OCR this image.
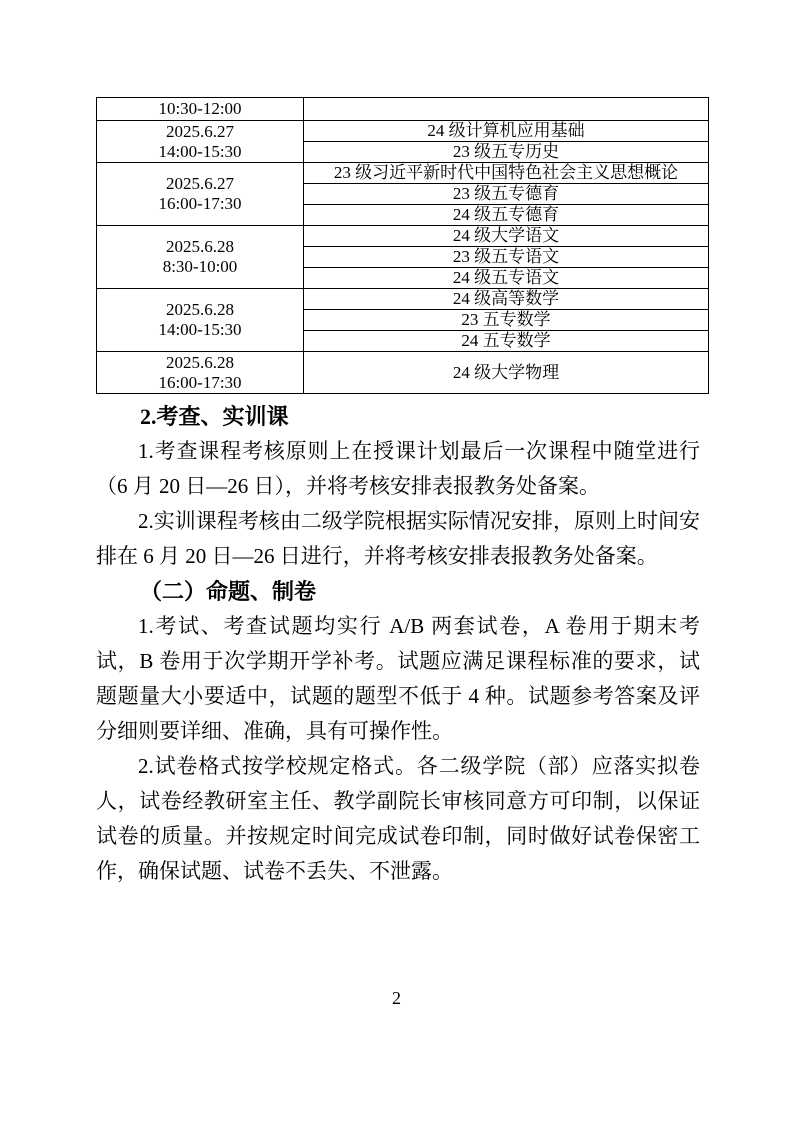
10:30-12:00	

2025.6.27
14:00-15:30	24 级计算机应用基础
	23 级五专历史

2025.6.27
16:00-17:30	23 级习近平新时代中国特色社会主义思想概论
	23 级五专德育
	24 级五专德育

2025.6.28
8:30-10:00	24 级大学语文
	23 级五专语文
	24 级五专语文

2025.6.28
14:00-15:30	24 级高等数学
	23 五专数学
	24 五专数学

2025.6.28
16:00-17:30	24 级大学物理
2.考查、实训课

1.考查课程考核原则上在授课计划最后一次课程中随堂进行（6 月 20 日—26 日），并将考核安排表报教务处备案。

2.实训课程考核由二级学院根据实际情况安排，原则上时间安排在 6 月 20 日—26 日进行，并将考核安排表报教务处备案。

（二）命题、制卷

1.考试、考查试题均实行 A/B 两套试卷，A 卷用于期末考试，B 卷用于次学期开学补考。试题应满足课程标准的要求，试题题量大小要适中，试题的题型不低于 4 种。试题参考答案及评分细则要详细、准确，具有可操作性。

2.试卷格式按学校规定格式。各二级学院（部）应落实拟卷人，试卷经教研室主任、教学副院长审核同意方可印制，以保证试卷的质量。并按规定时间完成试卷印制，同时做好试卷保密工作，确保试题、试卷不丢失、不泄露。

2
